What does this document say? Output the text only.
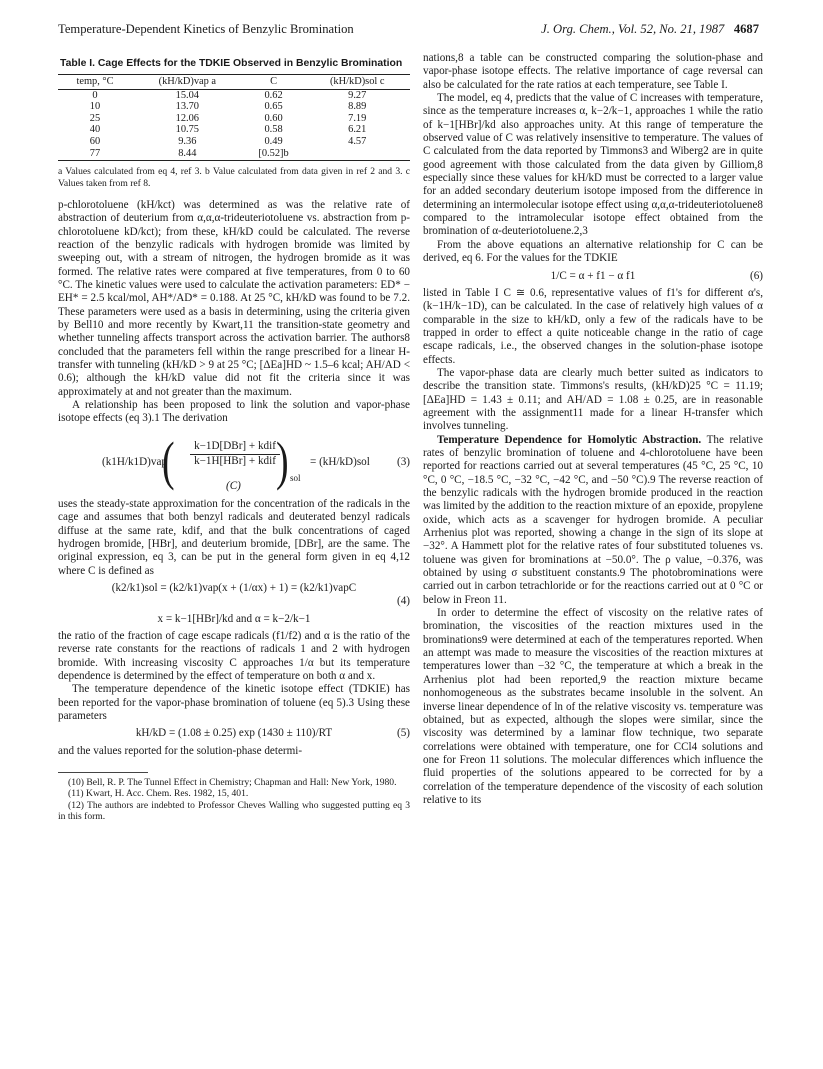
Temperature-Dependent Kinetics of Benzylic Bromination	J. Org. Chem., Vol. 52, No. 21, 1987 4687
Table I. Cage Effects for the TDKIE Observed in Benzylic Bromination
temp, °C	(kH/kD)vap a	C	(kH/kD)sol c
0	15.04	0.62	9.27
10	13.70	0.65	8.89
25	12.06	0.60	7.19
40	10.75	0.58	6.21
60	9.36	0.49	4.57
77	8.44	[0.52]b	
a Values calculated from eq 4, ref 3. b Value calculated from data given in ref 2 and 3. c Values taken from ref 8.

p-chlorotoluene (kH/kct) was determined as was the relative rate of abstraction of deuterium from α,α,α-trideuteriotoluene vs. abstraction from p-chlorotoluene kD/kct); from these, kH/kD could be calculated. The reverse reaction of the benzylic radicals with hydrogen bromide was limited by sweeping out, with a stream of nitrogen, the hydrogen bromide as it was formed. The relative rates were compared at five temperatures, from 0 to 60 °C. The kinetic values were used to calculate the activation parameters: ED* − EH* = 2.5 kcal/mol, AH*/AD* = 0.188. At 25 °C, kH/kD was found to be 7.2. These parameters were used as a basis in determining, using the criteria given by Bell10 and more recently by Kwart,11 the transition-state geometry and whether tunneling affects transport across the activation barrier. The authors8 concluded that the parameters fell within the range prescribed for a linear H-transfer with tunneling (kH/kD > 9 at 25 °C; [ΔEa]HD ~ 1.5–6 kcal; AH/AD < 0.6); although the kH/kD value did not fit the criteria since it was approximately at and not greater than the maximum.

A relationship has been proposed to link the solution and vapor-phase isotope effects (eq 3).1 The derivation

(k1H/k1D)vap
(	k−1D[DBr] + kdif
k−1H[HBr] + kdif ) sol
= (kH/kD)sol (3)
(C)

uses the steady-state approximation for the concentration of the radicals in the cage and assumes that both benzyl radicals and deuterated benzyl radicals diffuse at the same rate, kdif, and that the bulk concentrations of caged hydrogen bromide, [HBr], and deuterium bromide, [DBr], are the same. The original expression, eq 3, can be put in the general form given in eq 4,12 where C is defined as

(k2/k1)sol = (k2/k1)vap(x + (1/αx) + 1) = (k2/k1)vapC
(4)
x = k−1[HBr]/kd and α = k−2/k−1

the ratio of the fraction of cage escape radicals (f1/f2) and α is the ratio of the reverse rate constants for the reactions of radicals 1 and 2 with hydrogen bromide. With increasing viscosity C approaches 1/α but its temperature dependence is determined by the effect of temperature on both α and x.

The temperature dependence of the kinetic isotope effect (TDKIE) has been reported for the vapor-phase bromination of toluene (eq 5).3 Using these parameters

kH/kD = (1.08 ± 0.25) exp (1430 ± 110)/RT	(5)

and the values reported for the solution-phase determi-

(10) Bell, R. P. The Tunnel Effect in Chemistry; Chapman and Hall: New York, 1980.

(11) Kwart, H. Acc. Chem. Res. 1982, 15, 401.

(12) The authors are indebted to Professor Cheves Walling who suggested putting eq 3 in this form.

nations,8 a table can be constructed comparing the solution-phase and vapor-phase isotope effects. The relative importance of cage reversal can also be calculated for the rate ratios at each temperature, see Table I.

The model, eq 4, predicts that the value of C increases with temperature, since as the temperature increases α, k−2/k−1, approaches 1 while the ratio of k−1[HBr]/kd also approaches unity. At this range of temperature the observed value of C was relatively insensitive to temperature. The values of C calculated from the data reported by Timmons3 and Wiberg2 are in quite good agreement with those calculated from the data given by Gilliom,8 especially since these values for kH/kD must be corrected to a larger value for an added secondary deuterium isotope imposed from the difference in determining an intermolecular isotope effect using α,α,α-trideuteriotoluene8 compared to the intramolecular isotope effect obtained from the bromination of α-deuteriotoluene.2,3

From the above equations an alternative relationship for C can be derived, eq 6. For the values for the TDKIE

1/C = α + f1 − α f1	(6)

listed in Table I C ≅ 0.6, representative values of f1's for different α's, (k−1H/k−1D), can be calculated. In the case of relatively high values of α comparable in the size to kH/kD, only a few of the radicals have to be trapped in order to effect a quite noticeable change in the ratio of cage escape radicals, i.e., the observed changes in the solution-phase isotope effects.

The vapor-phase data are clearly much better suited as indicators to describe the transition state. Timmons's results, (kH/kD)25 °C = 11.19; [ΔEa]HD = 1.43 ± 0.11; and AH/AD = 1.08 ± 0.25, are in reasonable agreement with the assignment11 made for a linear H-transfer which involves tunneling.

Temperature Dependence for Homolytic Abstraction. The relative rates of benzylic bromination of toluene and 4-chlorotoluene have been reported for reactions carried out at several temperatures (45 °C, 25 °C, 10 °C, 0 °C, −18.5 °C, −32 °C, −42 °C, and −50 °C).9 The reverse reaction of the benzylic radicals with the hydrogen bromide produced in the reaction was limited by the addition to the reaction mixture of an epoxide, propylene oxide, which acts as a scavenger for hydrogen bromide. A peculiar Arrhenius plot was reported, showing a change in the sign of its slope at −32°. A Hammett plot for the relative rates of four substituted toluenes vs. toluene was given for brominations at −50.0°. The ρ value, −0.376, was obtained by using σ substituent constants.9 The photobrominations were carried out in carbon tetrachloride or for the reactions carried out at 0 °C or below in Freon 11.

In order to determine the effect of viscosity on the relative rates of bromination, the viscosities of the reaction mixtures used in the brominations9 were determined at each of the temperatures reported. When an attempt was made to measure the viscosities of the reaction mixtures at temperatures lower than −32 °C, the temperature at which a break in the Arrhenius plot had been reported,9 the reaction mixture became nonhomogeneous as the substrates became insoluble in the solvent. An inverse linear dependence of ln of the relative viscosity vs. temperature was obtained, but as expected, although the slopes were similar, since the viscosity was determined by a laminar flow technique, two separate correlations were obtained with temperature, one for CCl4 solutions and one for Freon 11 solutions. The molecular differences which influence the fluid properties of the solutions appeared to be corrected for by a correlation of the temperature dependence of the viscosity of each solution relative to its
